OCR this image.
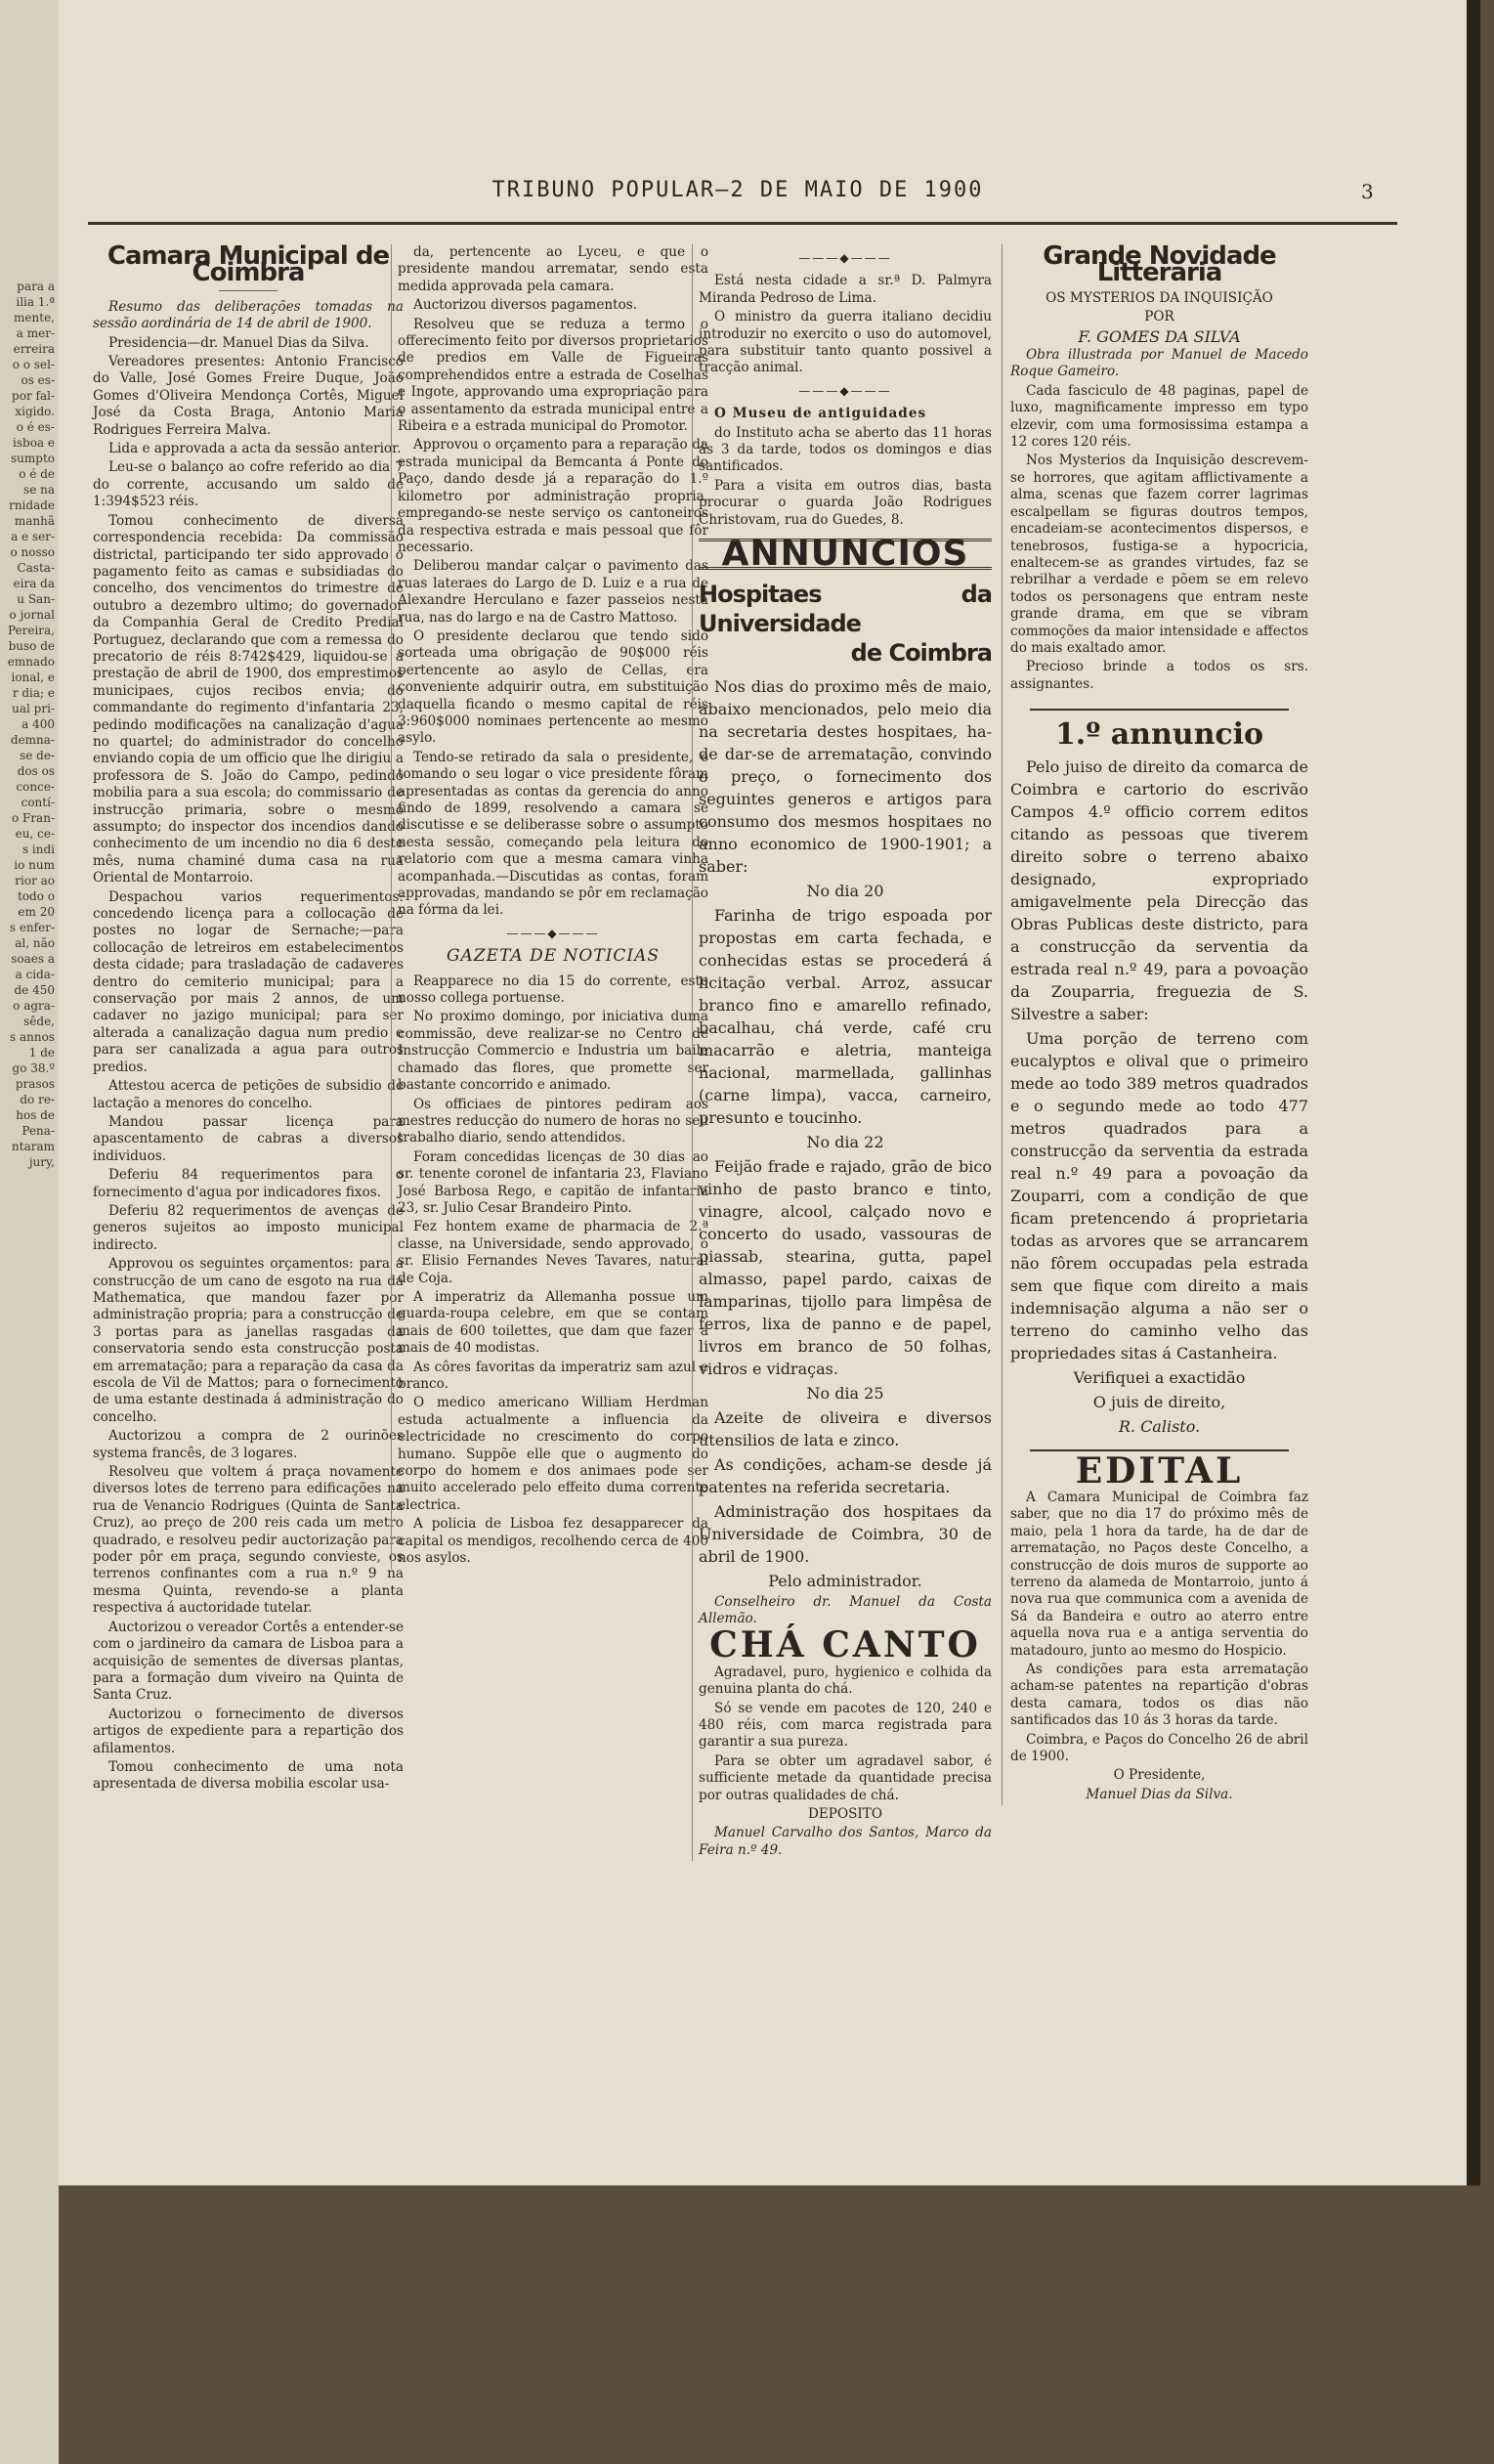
para a
ilia 1.ª
mente,
a mer-
erreira
o o sel-
os es-
por fal-
xigido.
o é es-
isboa e
sumpto
o é de
se na
rnidade
manhã
a e ser-
o nosso
Casta-
eira da
u San-
o jornal
Pereira,
buso de
emnado
ional, e
r dia; e
ual pri-
a 400
demna-
se de-
dos os
conce-
contí-
o Fran-
eu, ce-
s indi
io num
rior ao
todo o
em 20
s enfer-
al, não
soaes a
a cida-
de 450
o agra-
sêde,
s annos
1 de
go 38.º
prasos
do re-
hos de
Pena-
ntaram
jury,
TRIBUNO POPULAR—2 DE MAIO DE 1900	3
Camara Municipal de Coimbra

Resumo das deliberações tomadas na sessão aordinária de 14 de abril de 1900.

Presidencia—dr. Manuel Dias da Silva.

Vereadores presentes: Antonio Francisco do Valle, José Gomes Freire Duque, João Gomes d'Oliveira Mendonça Cortês, Miguel José da Costa Braga, Antonio Maria Rodrigues Ferreira Malva.

Lida e approvada a acta da sessão anterior.

Leu-se o balanço ao cofre referido ao dia 7 do corrente, accusando um saldo de 1:394$523 réis.

Tomou conhecimento de diversa correspondencia recebida: Da commissão districtal, participando ter sido approvado o pagamento feito as camas e subsidiadas do concelho, dos vencimentos do trimestre de outubro a dezembro ultimo; do governador da Companhia Geral de Credito Predial Portuguez, declarando que com a remessa do precatorio de réis 8:742$429, liquidou-se a prestação de abril de 1900, dos emprestimos municipaes, cujos recibos envia; do commandante do regimento d'infantaria 23, pedindo modificações na canalização d'agua no quartel; do administrador do concelho enviando copia de um officio que lhe dirigiu a professora de S. João do Campo, pedindo mobilia para a sua escola; do commissario de instrucção primaria, sobre o mesmo assumpto; do inspector dos incendios dando conhecimento de um incendio no dia 6 deste mês, numa chaminé duma casa na rua Oriental de Montarroio.

Despachou varios requerimentos: concedendo licença para a collocação de postes no logar de Sernache;—para collocação de letreiros em estabelecimentos desta cidade; para trasladação de cadaveres dentro do cemiterio municipal; para a conservação por mais 2 annos, de um cadaver no jazigo municipal; para ser alterada a canalização dagua num predio e para ser canalizada a agua para outros predios.

Attestou acerca de petições de subsidio de lactação a menores do concelho.

Mandou passar licença para apascentamento de cabras a diversos individuos.

Deferiu 84 requerimentos para o fornecimento d'agua por indicadores fixos.

Deferiu 82 requerimentos de avenças de generos sujeitos ao imposto municipal indirecto.

Approvou os seguintes orçamentos: para a construcção de um cano de esgoto na rua da Mathematica, que mandou fazer por administração propria; para a construcção de 3 portas para as janellas rasgadas da conservatoria sendo esta construcção posta em arrematação; para a reparação da casa da escola de Vil de Mattos; para o fornecimento de uma estante destinada á administração do concelho.

Auctorizou a compra de 2 ourinões systema francês, de 3 logares.

Resolveu que voltem á praça novamente diversos lotes de terreno para edificações na rua de Venancio Rodrigues (Quinta de Santa Cruz), ao preço de 200 reis cada um metro quadrado, e resolveu pedir auctorização para poder pôr em praça, segundo convieste, os terrenos confinantes com a rua n.º 9 na mesma Quinta, revendo-se a planta respectiva á auctoridade tutelar.

Auctorizou o vereador Cortês a entender-se com o jardineiro da camara de Lisboa para a acquisição de sementes de diversas plantas, para a formação dum viveiro na Quinta de Santa Cruz.

Auctorizou o fornecimento de diversos artigos de expediente para a repartição dos afilamentos.

Tomou conhecimento de uma nota apresentada de diversa mobilia escolar usa-

da, pertencente ao Lyceu, e que o presidente mandou arrematar, sendo esta medida approvada pela camara.

Auctorizou diversos pagamentos.

Resolveu que se reduza a termo o offerecimento feito por diversos proprietarios de predios em Valle de Figueiras comprehendidos entre a estrada de Coselhas e Ingote, approvando uma expropriação para o assentamento da estrada municipal entre a Ribeira e a estrada municipal do Promotor.

Approvou o orçamento para a reparação da estrada municipal da Bemcanta á Ponte do Paço, dando desde já a reparação do 1.º kilometro por administração propria, empregando-se neste serviço os cantoneiros da respectiva estrada e mais pessoal que fôr necessario.

Deliberou mandar calçar o pavimento das ruas lateraes do Largo de D. Luiz e a rua de Alexandre Herculano e fazer passeios nesta rua, nas do largo e na de Castro Mattoso.

O presidente declarou que tendo sido sorteada uma obrigação de 90$000 réis pertencente ao asylo de Cellas, era conveniente adquirir outra, em substituição daquella ficando o mesmo capital de réis 3:960$000 nominaes pertencente ao mesmo asylo.

Tendo-se retirado da sala o presidente, e tomando o seu logar o vice presidente fôram apresentadas as contas da gerencia do anno findo de 1899, resolvendo a camara se discutisse e se deliberasse sobre o assumpto nesta sessão, começando pela leitura do relatorio com que a mesma camara vinha acompanhada.—Discutidas as contas, foram approvadas, mandando se pôr em reclamação na fórma da lei.

———◆———
GAZETA DE NOTICIAS

Reapparece no dia 15 do corrente, este nosso collega portuense.

No proximo domingo, por iniciativa duma commissão, deve realizar-se no Centro de Instrucção Commercio e Industria um baile chamado das flores, que promette ser bastante concorrido e animado.

Os officiaes de pintores pediram aos mestres reducção do numero de horas no seu trabalho diario, sendo attendidos.

Foram concedidas licenças de 30 dias ao sr. tenente coronel de infantaria 23, Flaviano José Barbosa Rego, e capitão de infantaria 23, sr. Julio Cesar Brandeiro Pinto.

Fez hontem exame de pharmacia de 2.ª classe, na Universidade, sendo approvado, o sr. Elisio Fernandes Neves Tavares, natural de Coja.

A imperatriz da Allemanha possue um guarda-roupa celebre, em que se contam mais de 600 toilettes, que dam que fazer a mais de 40 modistas.

As côres favoritas da imperatriz sam azul e branco.

O medico americano William Herdman estuda actualmente a influencia da electricidade no crescimento do corpo humano. Suppõe elle que o augmento do corpo do homem e dos animaes pode ser muito accelerado pelo effeito duma corrente electrica.

A policia de Lisboa fez desapparecer da capital os mendigos, recolhendo cerca de 400 nos asylos.

———◆———

Está nesta cidade a sr.ª D. Palmyra Miranda Pedroso de Lima.

O ministro da guerra italiano decidiu introduzir no exercito o uso do automovel, para substituir tanto quanto possivel a tracção animal.

———◆———

O Museu de antiguidades

do Instituto acha se aberto das 11 horas ás 3 da tarde, todos os domingos e dias santificados.

Para a visita em outros dias, basta procurar o guarda João Rodrigues Christovam, rua do Guedes, 8.

ANNUNCIOS
Hospitaes da Universidade
de Coimbra

Nos dias do proximo mês de maio, abaixo mencionados, pelo meio dia na secretaria destes hospitaes, ha-de dar-se de arrematação, convindo o preço, o fornecimento dos seguintes generos e artigos para consumo dos mesmos hospitaes no anno economico de 1900-1901; a saber:

No dia 20

Farinha de trigo espoada por propostas em carta fechada, e conhecidas estas se procederá á licitação verbal. Arroz, assucar branco fino e amarello refinado, bacalhau, chá verde, café cru macarrão e aletria, manteiga nacional, marmellada, gallinhas (carne limpa), vacca, carneiro, presunto e toucinho.

No dia 22

Feijão frade e rajado, grão de bico vinho de pasto branco e tinto, vinagre, alcool, calçado novo e concerto do usado, vassouras de piassab, stearina, gutta, papel almasso, papel pardo, caixas de lamparinas, tijollo para limpêsa de ferros, lixa de panno e de papel, livros em branco de 50 folhas, vidros e vidraças.

No dia 25

Azeite de oliveira e diversos utensilios de lata e zinco.

As condições, acham-se desde já patentes na referida secretaria.

Administração dos hospitaes da Universidade de Coimbra, 30 de abril de 1900.

Pelo administrador.

Conselheiro dr. Manuel da Costa Allemão.

CHÁ CANTO

Agradavel, puro, hygienico e colhida da genuina planta do chá.

Só se vende em pacotes de 120, 240 e 480 réis, com marca registrada para garantir a sua pureza.

Para se obter um agradavel sabor, é sufficiente metade da quantidade precisa por outras qualidades de chá.

DEPOSITO

Manuel Carvalho dos Santos, Marco da Feira n.º 49.

Grande Novidade Litteraria

OS MYSTERIOS DA INQUISIÇÃO

POR

F. GOMES DA SILVA

Obra illustrada por Manuel de Macedo Roque Gameiro.

Cada fasciculo de 48 paginas, papel de luxo, magnificamente impresso em typo elzevir, com uma formosissima estampa a 12 cores 120 réis.

Nos Mysterios da Inquisição descrevem-se horrores, que agitam afflictivamente a alma, scenas que fazem correr lagrimas escalpellam se figuras doutros tempos, encadeiam-se acontecimentos dispersos, e tenebrosos, fustiga-se a hypocricia, enaltecem-se as grandes virtudes, faz se rebrilhar a verdade e põem se em relevo todos os personagens que entram neste grande drama, em que se vibram commoções da maior intensidade e affectos do mais exaltado amor.

Precioso brinde a todos os srs. assignantes.

1.º annuncio

Pelo juiso de direito da comarca de Coimbra e cartorio do escrivão Campos 4.º officio correm editos citando as pessoas que tiverem direito sobre o terreno abaixo designado, expropriado amigavelmente pela Direcção das Obras Publicas deste districto, para a construcção da serventia da estrada real n.º 49, para a povoação da Zouparria, freguezia de S. Silvestre a saber:

Uma porção de terreno com eucalyptos e olival que o primeiro mede ao todo 389 metros quadrados e o segundo mede ao todo 477 metros quadrados para a construcção da serventia da estrada real n.º 49 para a povoação da Zouparri, com a condição de que ficam pretencendo á proprietaria todas as arvores que se arrancarem não fôrem occupadas pela estrada sem que fique com direito a mais indemnisação alguma a não ser o terreno do caminho velho das propriedades sitas á Castanheira.

Verifiquei a exactidão

O juis de direito,

R. Calisto.

EDITAL

A Camara Municipal de Coimbra faz saber, que no dia 17 do próximo mês de maio, pela 1 hora da tarde, ha de dar de arrematação, no Paços deste Concelho, a construcção de dois muros de supporte ao terreno da alameda de Montarroio, junto á nova rua que communica com a avenida de Sá da Bandeira e outro ao aterro entre aquella nova rua e a antiga serventia do matadouro, junto ao mesmo do Hospicio.

As condições para esta arrematação acham-se patentes na repartição d'obras desta camara, todos os dias não santificados das 10 ás 3 horas da tarde.

Coimbra, e Paços do Concelho 26 de abril de 1900.

O Presidente,

Manuel Dias da Silva.
